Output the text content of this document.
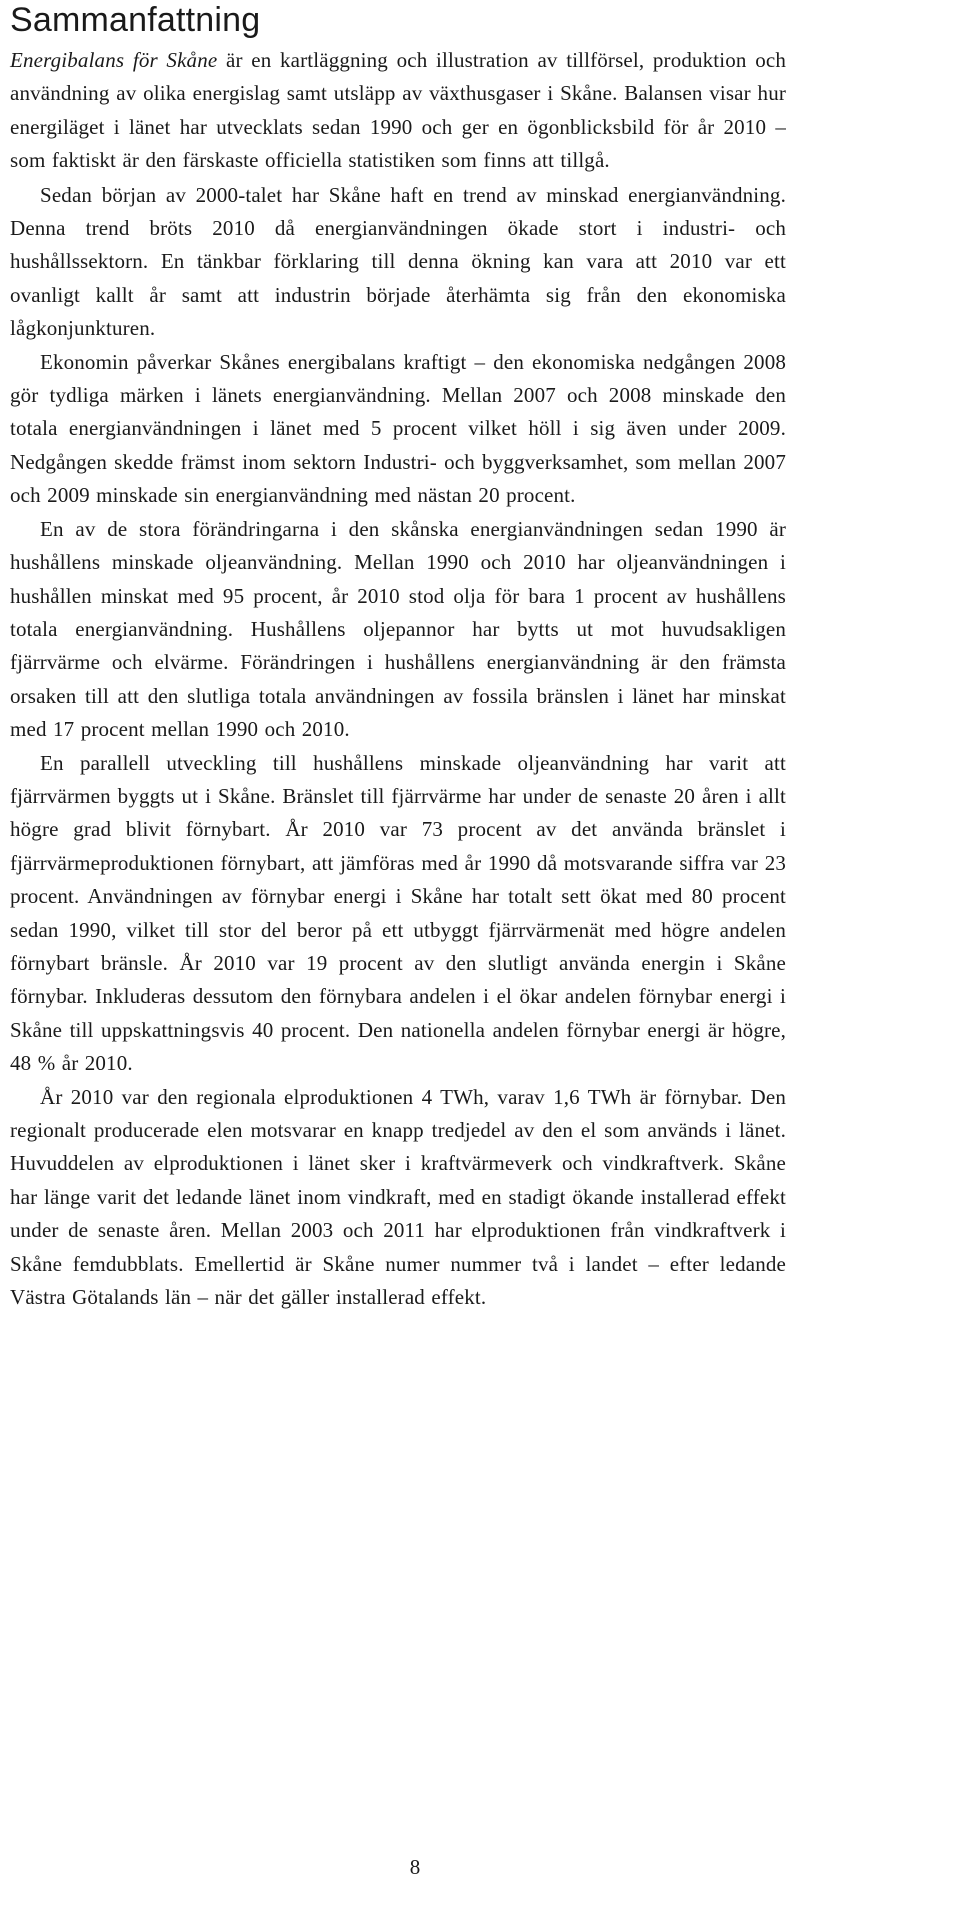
Sammanfattning

Energibalans för Skåne är en kartläggning och illustration av tillförsel, produktion och användning av olika energislag samt utsläpp av växthusgaser i Skåne. Balansen visar hur energiläget i länet har utvecklats sedan 1990 och ger en ögonblicksbild för år 2010 – som faktiskt är den färskaste officiella statistiken som finns att tillgå.

Sedan början av 2000-talet har Skåne haft en trend av minskad energianvändning. Denna trend bröts 2010 då energianvändningen ökade stort i industri- och hushållssektorn. En tänkbar förklaring till denna ökning kan vara att 2010 var ett ovanligt kallt år samt att industrin började återhämta sig från den ekonomiska lågkonjunkturen.

Ekonomin påverkar Skånes energibalans kraftigt – den ekonomiska nedgången 2008 gör tydliga märken i länets energianvändning. Mellan 2007 och 2008 minskade den totala energianvändningen i länet med 5 procent vilket höll i sig även under 2009. Nedgången skedde främst inom sektorn Industri- och byggverksamhet, som mellan 2007 och 2009 minskade sin energianvändning med nästan 20 procent.

En av de stora förändringarna i den skånska energianvändningen sedan 1990 är hushållens minskade oljeanvändning. Mellan 1990 och 2010 har oljeanvändningen i hushållen minskat med 95 procent, år 2010 stod olja för bara 1 procent av hushållens totala energianvändning. Hushållens oljepannor har bytts ut mot huvudsakligen fjärrvärme och elvärme. Förändringen i hushållens energianvändning är den främsta orsaken till att den slutliga totala användningen av fossila bränslen i länet har minskat med 17 procent mellan 1990 och 2010.

En parallell utveckling till hushållens minskade oljeanvändning har varit att fjärrvärmen byggts ut i Skåne. Bränslet till fjärrvärme har under de senaste 20 åren i allt högre grad blivit förnybart. År 2010 var 73 procent av det använda bränslet i fjärrvärmeproduktionen förnybart, att jämföras med år 1990 då motsvarande siffra var 23 procent. Användningen av förnybar energi i Skåne har totalt sett ökat med 80 procent sedan 1990, vilket till stor del beror på ett utbyggt fjärrvärmenät med högre andelen förnybart bränsle. År 2010 var 19 procent av den slutligt använda energin i Skåne förnybar. Inkluderas dessutom den förnybara andelen i el ökar andelen förnybar energi i Skåne till uppskattningsvis 40 procent. Den nationella andelen förnybar energi är högre, 48 % år 2010.

År 2010 var den regionala elproduktionen 4 TWh, varav 1,6 TWh är förnybar. Den regionalt producerade elen motsvarar en knapp tredjedel av den el som används i länet. Huvuddelen av elproduktionen i länet sker i kraftvärmeverk och vindkraftverk. Skåne har länge varit det ledande länet inom vindkraft, med en stadigt ökande installerad effekt under de senaste åren. Mellan 2003 och 2011 har elproduktionen från vindkraftverk i Skåne femdubblats. Emellertid är Skåne numer nummer två i landet – efter ledande Västra Götalands län – när det gäller installerad effekt.

8
